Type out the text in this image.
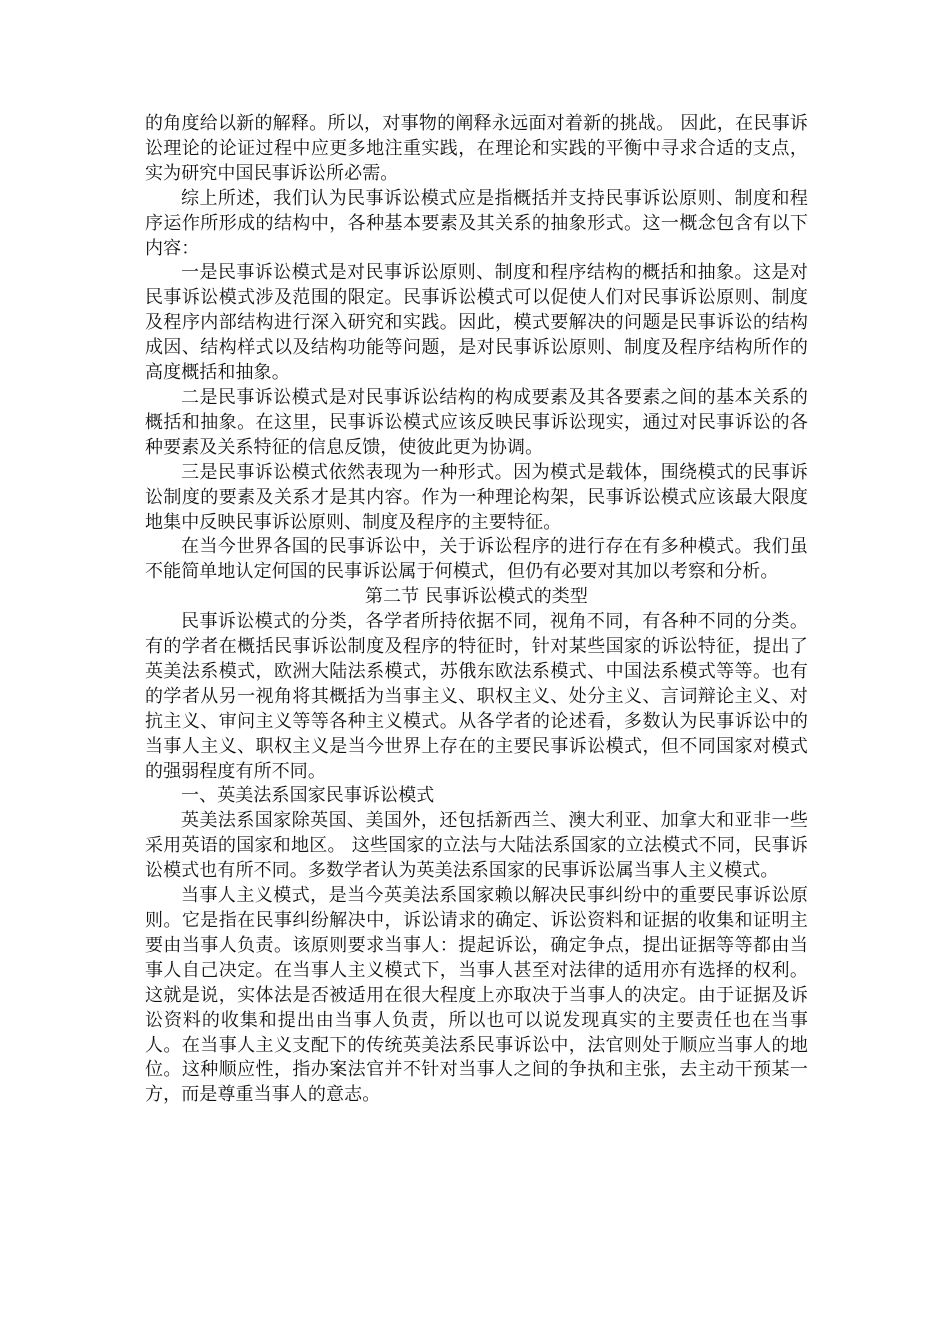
的角度给以新的解释。所以，对事物的阐释永远面对着新的挑战。 因此，在民事诉讼理论的论证过程中应更多地注重实践，在理论和实践的平衡中寻求合适的支点，实为研究中国民事诉讼所必需。

综上所述，我们认为民事诉讼模式应是指概括并支持民事诉讼原则、制度和程序运作所形成的结构中，各种基本要素及其关系的抽象形式。这一概念包含有以下内容：

一是民事诉讼模式是对民事诉讼原则、制度和程序结构的概括和抽象。这是对民事诉讼模式涉及范围的限定。民事诉讼模式可以促使人们对民事诉讼原则、制度及程序内部结构进行深入研究和实践。因此，模式要解决的问题是民事诉讼的结构成因、结构样式以及结构功能等问题，是对民事诉讼原则、制度及程序结构所作的高度概括和抽象。

二是民事诉讼模式是对民事诉讼结构的构成要素及其各要素之间的基本关系的概括和抽象。在这里，民事诉讼模式应该反映民事诉讼现实，通过对民事诉讼的各种要素及关系特征的信息反馈，使彼此更为协调。

三是民事诉讼模式依然表现为一种形式。因为模式是载体，围绕模式的民事诉讼制度的要素及关系才是其内容。作为一种理论构架，民事诉讼模式应该最大限度地集中反映民事诉讼原则、制度及程序的主要特征。

在当今世界各国的民事诉讼中，关于诉讼程序的进行存在有多种模式。我们虽不能简单地认定何国的民事诉讼属于何模式，但仍有必要对其加以考察和分析。

第二节 民事诉讼模式的类型

民事诉讼模式的分类，各学者所持依据不同，视角不同，有各种不同的分类。有的学者在概括民事诉讼制度及程序的特征时，针对某些国家的诉讼特征，提出了英美法系模式，欧洲大陆法系模式，苏俄东欧法系模式、中国法系模式等等。也有的学者从另一视角将其概括为当事主义、职权主义、处分主义、言词辩论主义、对抗主义、审问主义等等各种主义模式。从各学者的论述看，多数认为民事诉讼中的当事人主义、职权主义是当今世界上存在的主要民事诉讼模式，但不同国家对模式的强弱程度有所不同。

一、英美法系国家民事诉讼模式

英美法系国家除英国、美国外，还包括新西兰、澳大利亚、加拿大和亚非一些采用英语的国家和地区。 这些国家的立法与大陆法系国家的立法模式不同，民事诉讼模式也有所不同。多数学者认为英美法系国家的民事诉讼属当事人主义模式。

当事人主义模式，是当今英美法系国家赖以解决民事纠纷中的重要民事诉讼原则。它是指在民事纠纷解决中，诉讼请求的确定、诉讼资料和证据的收集和证明主要由当事人负责。该原则要求当事人：提起诉讼，确定争点，提出证据等等都由当事人自己决定。在当事人主义模式下，当事人甚至对法律的适用亦有选择的权利。这就是说，实体法是否被适用在很大程度上亦取决于当事人的决定。由于证据及诉讼资料的收集和提出由当事人负责，所以也可以说发现真实的主要责任也在当事人。在当事人主义支配下的传统英美法系民事诉讼中，法官则处于顺应当事人的地位。这种顺应性，指办案法官并不针对当事人之间的争执和主张，去主动干预某一方，而是尊重当事人的意志。
